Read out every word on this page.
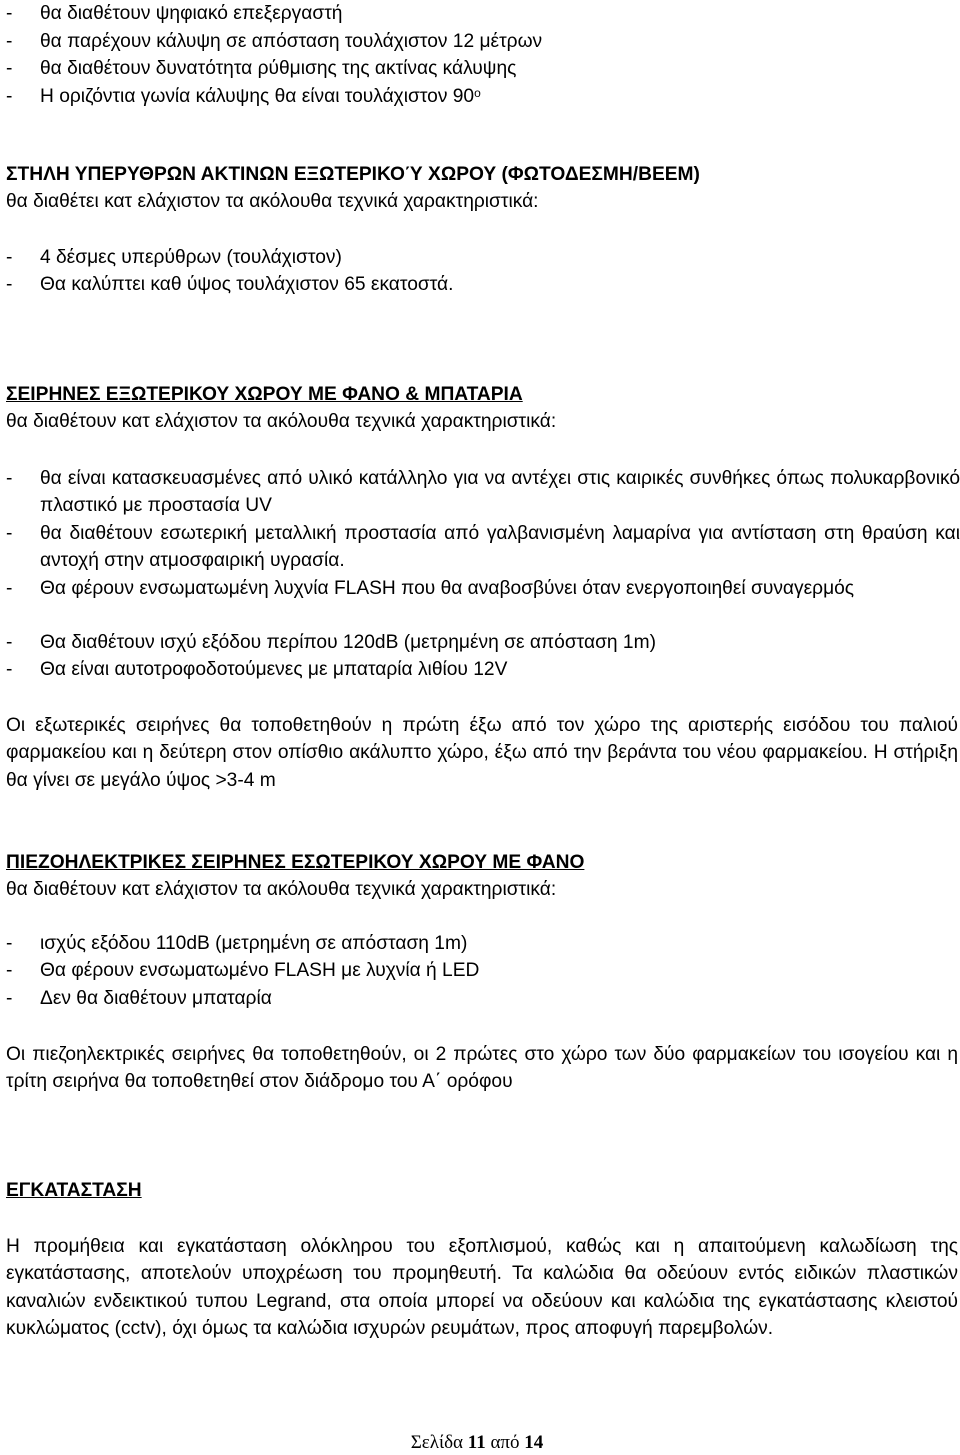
- θα διαθέτουν ψηφιακό επεξεργαστή
- θα παρέχουν κάλυψη σε απόσταση τουλάχιστον 12 μέτρων
- θα διαθέτουν δυνατότητα ρύθμισης της ακτίνας κάλυψης
- Η οριζόντια γωνία κάλυψης θα είναι τουλάχιστον $90^o$
ΣΤΗΛΗ ΥΠΕΡΥΘΡΩΝ ΑΚΤΙΝΩΝ ΕΞΩΤΕΡΙΚΟΎ ΧΩΡΟΥ (ΦΩΤΟΔΕΣΜΗ/BEEM)
θα διαθέτει κατ ελάχιστον τα ακόλουθα τεχνικά χαρακτηριστικά:
- 4 δέσμες υπερύθρων (τουλάχιστον)
- Θα καλύπτει καθ ύψος τουλάχιστον 65 εκατοστά.
ΣΕΙΡΗΝΕΣ ΕΞΩΤΕΡΙΚΟΥ ΧΩΡΟΥ ΜΕ ΦΑΝΟ & ΜΠΑΤΑΡΙΑ
θα διαθέτουν κατ ελάχιστον τα ακόλουθα τεχνικά χαρακτηριστικά:
- θα είναι κατασκευασμένες από υλικό κατάλληλο για να αντέχει στις καιρικές συνθήκες όπως πολυκαρβονικό πλαστικό με προστασία UV
- θα διαθέτουν εσωτερική μεταλλική προστασία από γαλβανισμένη λαμαρίνα για αντίσταση στη θραύση και αντοχή στην ατμοσφαιρική υγρασία.
- Θα φέρουν ενσωματωμένη λυχνία FLASH που θα αναβοσβύνει όταν ενεργοποιηθεί συναγερμός
- Θα διαθέτουν ισχύ εξόδου περίπου 120dB (μετρημένη σε απόσταση 1m)
- Θα είναι αυτοτροφοδοτούμενες με μπαταρία λιθίου 12V
Οι εξωτερικές σειρήνες θα τοποθετηθούν η πρώτη έξω από τον χώρο της αριστερής εισόδου του παλιού φαρμακείου και η δεύτερη στον οπίσθιο ακάλυπτο χώρο, έξω από την βεράντα του νέου φαρμακείου. Η στήριξη θα γίνει σε μεγάλο ύψος >3-4 m
ΠΙΕΖΟΗΛΕΚΤΡΙΚΕΣ ΣΕΙΡΗΝΕΣ ΕΣΩΤΕΡΙΚΟΥ ΧΩΡΟΥ ΜΕ ΦΑΝΟ
θα διαθέτουν κατ ελάχιστον τα ακόλουθα τεχνικά χαρακτηριστικά:
- ισχύς εξόδου 110dB (μετρημένη σε απόσταση 1m)
- Θα φέρουν ενσωματωμένο FLASH με λυχνία ή LED
- Δεν θα διαθέτουν μπαταρία
Οι πιεζοηλεκτρικές σειρήνες θα τοποθετηθούν, οι 2 πρώτες στο χώρο των δύο φαρμακείων του ισογείου και η τρίτη σειρήνα θα τοποθετηθεί στον διάδρομο του Α΄ ορόφου
ΕΓΚΑΤΑΣΤΑΣΗ
Η προμήθεια και εγκατάσταση ολόκληρου του εξοπλισμού, καθώς και η απαιτούμενη καλωδίωση της εγκατάστασης, αποτελούν υποχρέωση του προμηθευτή. Τα καλώδια θα οδεύουν εντός ειδικών πλαστικών καναλιών ενδεικτικού τυπου Legrand, στα οποία μπορεί να οδεύουν και καλώδια της εγκατάστασης κλειστού κυκλώματος (cctv), όχι όμως τα καλώδια ισχυρών ρευμάτων, προς αποφυγή παρεμβολών.
Σελίδα 11 από 14
